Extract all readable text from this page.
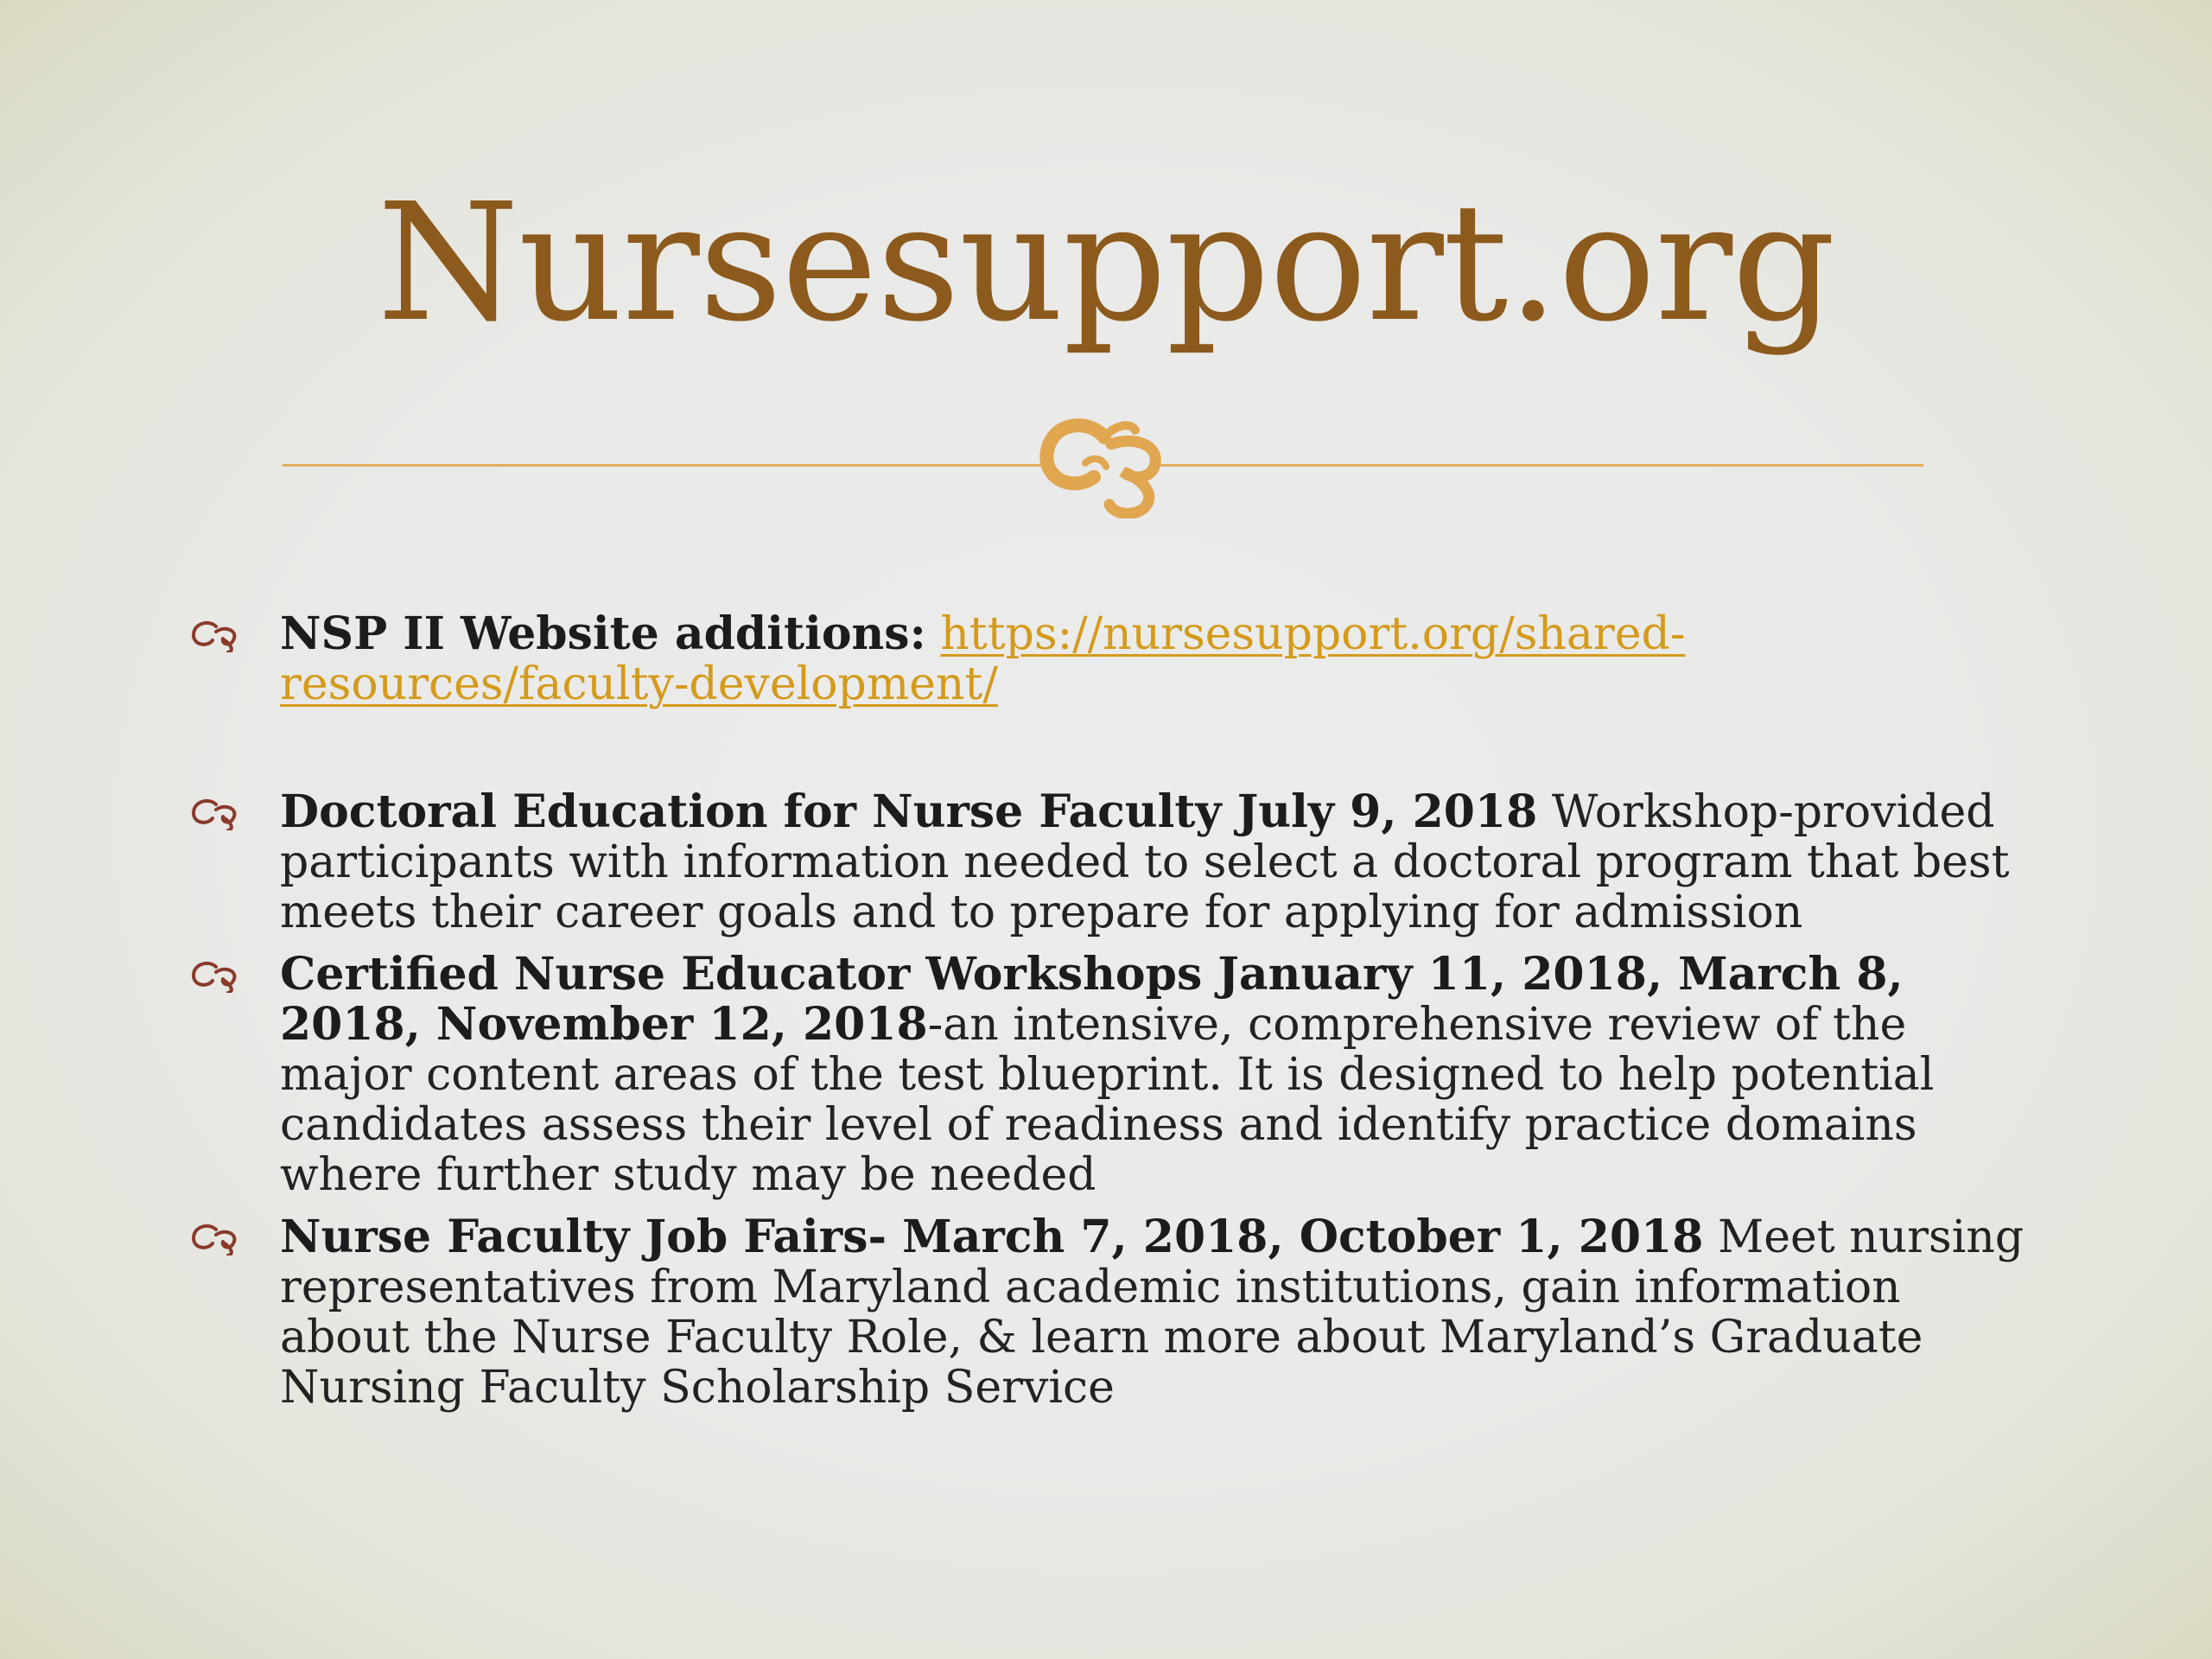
Nursesupport.org
NSP II Website additions: https://nursesupport.org/shared-resources/faculty-development/
Doctoral Education for Nurse Faculty July 9, 2018 Workshop-provided participants with information needed to select a doctoral program that best meets their career goals and to prepare for applying for admission
Certified Nurse Educator Workshops January 11, 2018, March 8, 2018, November 12, 2018-an intensive, comprehensive review of the major content areas of the test blueprint. It is designed to help potential candidates assess their level of readiness and identify practice domains where further study may be needed
Nurse Faculty Job Fairs- March 7, 2018, October 1, 2018 Meet nursing representatives from Maryland academic institutions, gain information about the Nurse Faculty Role, & learn more about Maryland’s Graduate Nursing Faculty Scholarship Service
